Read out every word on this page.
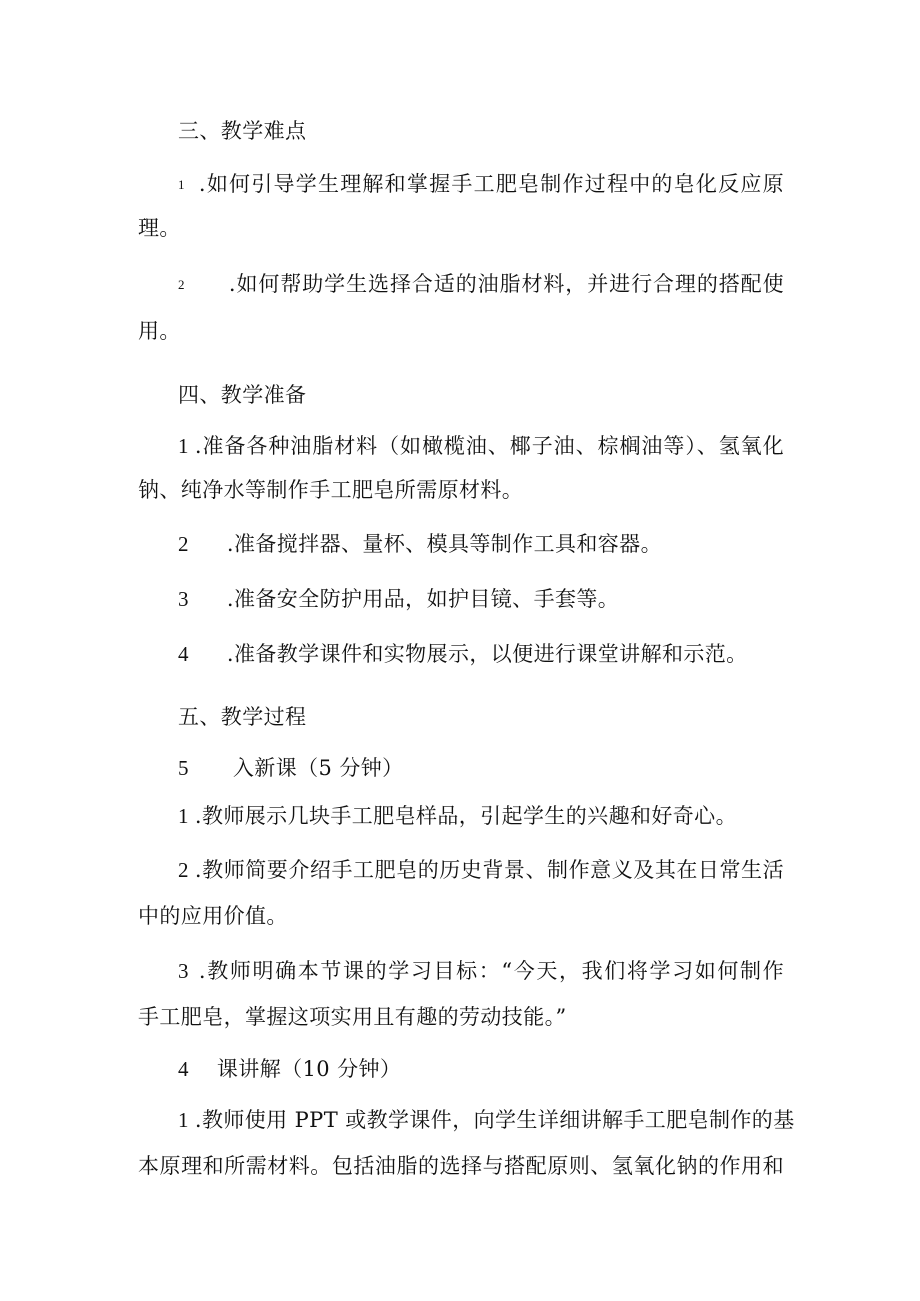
三、教学难点
1 .如何引导学生理解和掌握手工肥皂制作过程中的皂化反应原
理。
2 .如何帮助学生选择合适的油脂材料，并进行合理的搭配使
用。
四、教学准备
1 .准备各种油脂材料（如橄榄油、椰子油、棕榈油等）、氢氧化
钠、纯净水等制作手工肥皂所需原材料。
2 .准备搅拌器、量杯、模具等制作工具和容器。
3 .准备安全防护用品，如护目镜、手套等。
4 .准备教学课件和实物展示，以便进行课堂讲解和示范。
五、教学过程
5 入新课（5 分钟）
1 .教师展示几块手工肥皂样品，引起学生的兴趣和好奇心。
2 .教师简要介绍手工肥皂的历史背景、制作意义及其在日常生活
中的应用价值。
3 .教师明确本节课的学习目标：“今天，我们将学习如何制作
手工肥皂，掌握这项实用且有趣的劳动技能。”
4 课讲解（10 分钟）
1 .教师使用 PPT 或教学课件，向学生详细讲解手工肥皂制作的基
本原理和所需材料。包括油脂的选择与搭配原则、氢氧化钠的作用和
